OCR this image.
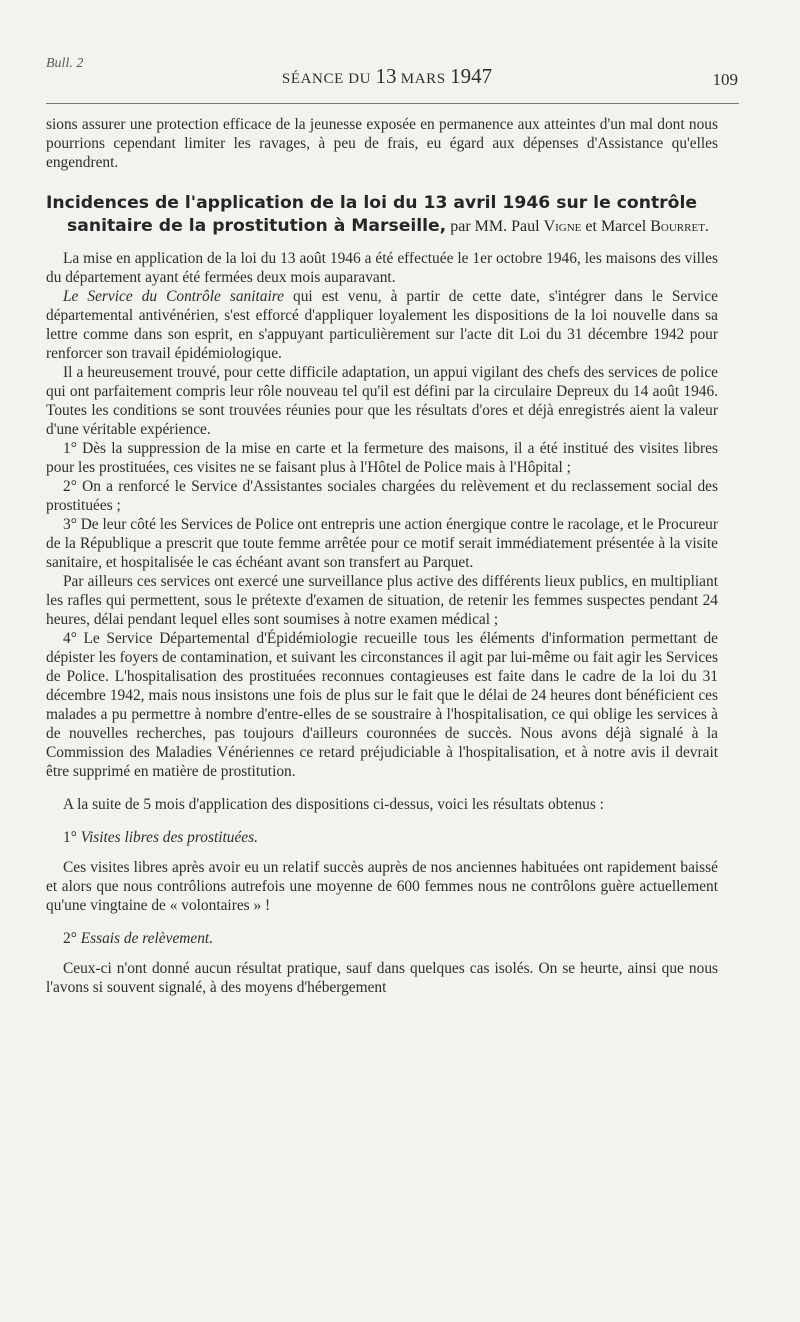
Bull. 2
SÉANCE DU 13 MARS 1947	109

sions assurer une protection efficace de la jeunesse exposée en permanence aux atteintes d'un mal dont nous pourrions cependant limiter les ravages, à peu de frais, eu égard aux dépenses d'Assistance qu'elles engendrent.

Incidences de l'application de la loi du 13 avril 1946 sur le contrôle sanitaire de la prostitution à Marseille, par MM. Paul Vigne et Marcel Bourret.

La mise en application de la loi du 13 août 1946 a été effectuée le 1er octobre 1946, les maisons des villes du département ayant été fermées deux mois auparavant.

Le Service du Contrôle sanitaire qui est venu, à partir de cette date, s'intégrer dans le Service départemental antivénérien, s'est efforcé d'appliquer loyalement les dispositions de la loi nouvelle dans sa lettre comme dans son esprit, en s'appuyant particulièrement sur l'acte dit Loi du 31 décembre 1942 pour renforcer son travail épidémiologique.

Il a heureusement trouvé, pour cette difficile adaptation, un appui vigilant des chefs des services de police qui ont parfaitement compris leur rôle nouveau tel qu'il est défini par la circulaire Depreux du 14 août 1946. Toutes les conditions se sont trouvées réunies pour que les résultats d'ores et déjà enregistrés aient la valeur d'une véritable expérience.

1° Dès la suppression de la mise en carte et la fermeture des maisons, il a été institué des visites libres pour les prostituées, ces visites ne se faisant plus à l'Hôtel de Police mais à l'Hôpital ;

2° On a renforcé le Service d'Assistantes sociales chargées du relèvement et du reclassement social des prostituées ;

3° De leur côté les Services de Police ont entrepris une action énergique contre le racolage, et le Procureur de la République a prescrit que toute femme arrêtée pour ce motif serait immédiatement présentée à la visite sanitaire, et hospitalisée le cas échéant avant son transfert au Parquet.

Par ailleurs ces services ont exercé une surveillance plus active des différents lieux publics, en multipliant les rafles qui permettent, sous le prétexte d'examen de situation, de retenir les femmes suspectes pendant 24 heures, délai pendant lequel elles sont soumises à notre examen médical ;

4° Le Service Départemental d'Épidémiologie recueille tous les éléments d'information permettant de dépister les foyers de contamination, et suivant les circonstances il agit par lui-même ou fait agir les Services de Police. L'hospitalisation des prostituées reconnues contagieuses est faite dans le cadre de la loi du 31 décembre 1942, mais nous insistons une fois de plus sur le fait que le délai de 24 heures dont bénéficient ces malades a pu permettre à nombre d'entre-elles de se soustraire à l'hospitalisation, ce qui oblige les services à de nouvelles recherches, pas toujours d'ailleurs couronnées de succès. Nous avons déjà signalé à la Commission des Maladies Vénériennes ce retard préjudiciable à l'hospitalisation, et à notre avis il devrait être supprimé en matière de prostitution.

A la suite de 5 mois d'application des dispositions ci-dessus, voici les résultats obtenus :

1° Visites libres des prostituées.

Ces visites libres après avoir eu un relatif succès auprès de nos anciennes habituées ont rapidement baissé et alors que nous contrôlions autrefois une moyenne de 600 femmes nous ne contrôlons guère actuellement qu'une vingtaine de « volontaires » !

2° Essais de relèvement.

Ceux-ci n'ont donné aucun résultat pratique, sauf dans quelques cas isolés. On se heurte, ainsi que nous l'avons si souvent signalé, à des moyens d'hébergement
